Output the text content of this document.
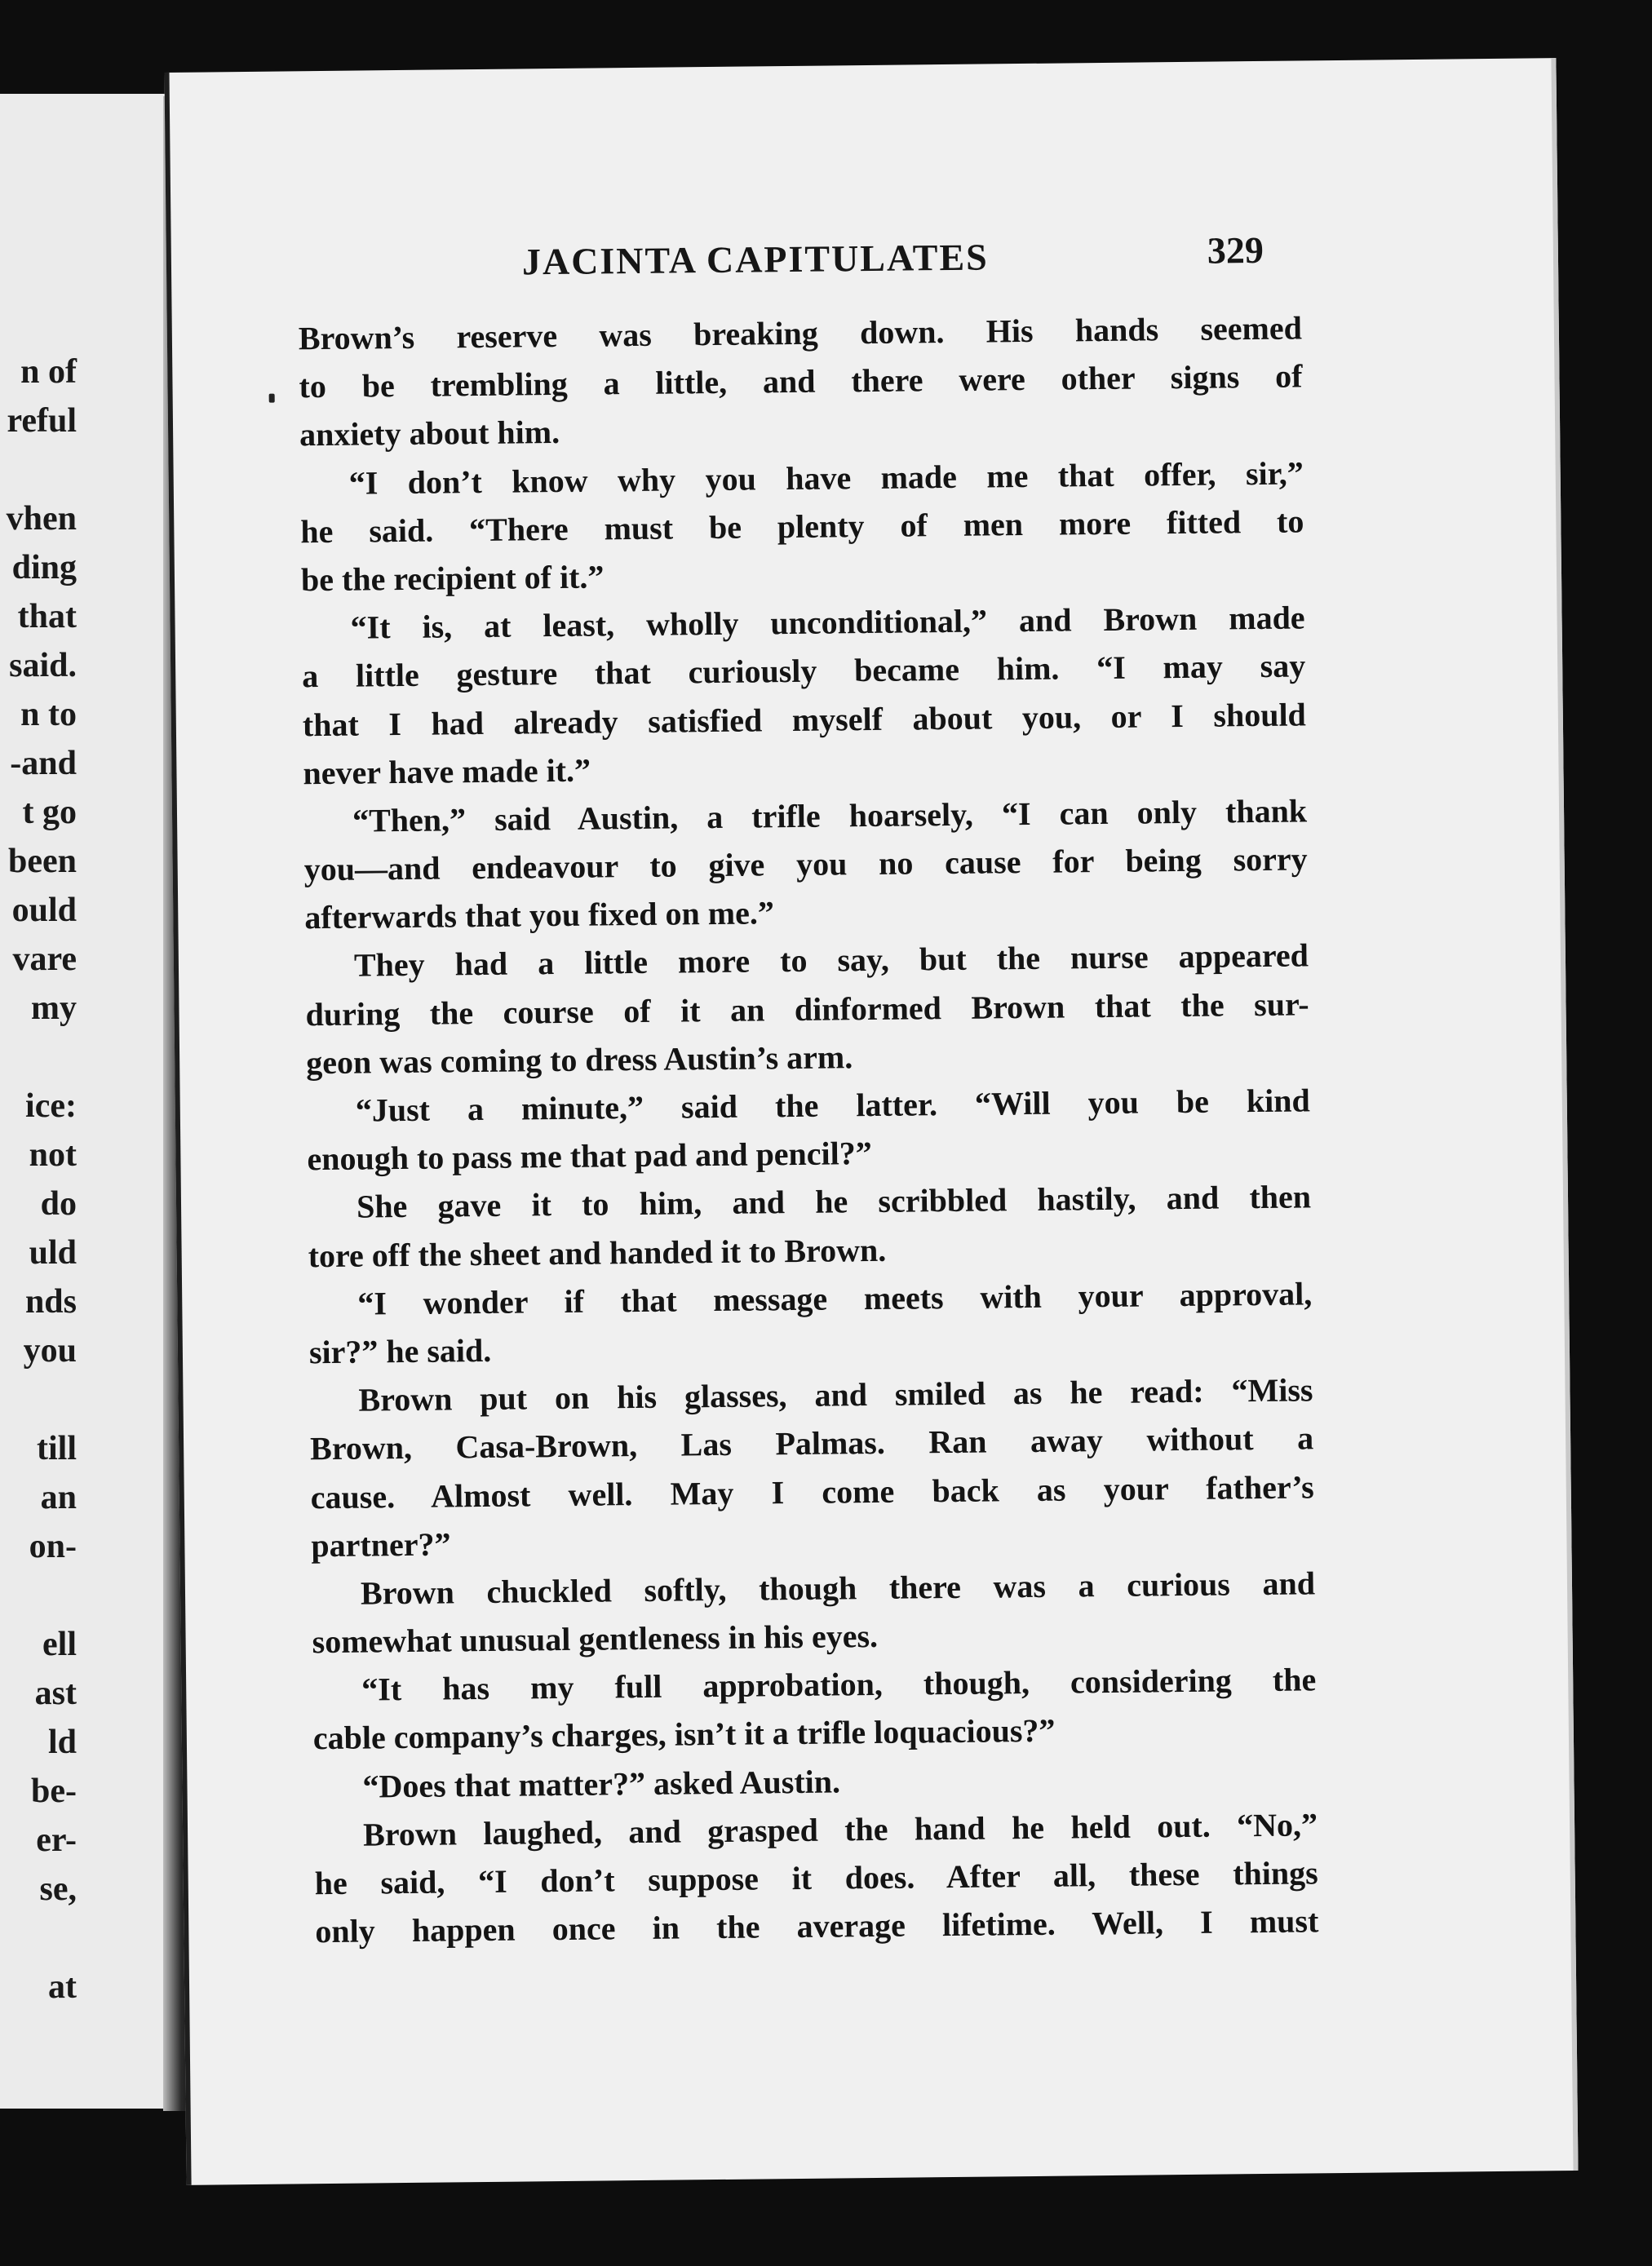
n of
reful
vhen
ding
that
said.
n to
-and
t go
been
ould
vare
my
ice:
not
do
uld
nds
you
till
an
on-
ell
ast
ld
be-
er-
se,
at
JACINTA CAPITULATES	329
Brown’s reserve was breaking down. His hands seemed
to be trembling a little, and there were other signs of
anxiety about him.
“I don’t know why you have made me that offer, sir,”
he said. “There must be plenty of men more fitted to
be the recipient of it.”
“It is, at least, wholly unconditional,” and Brown made
a little gesture that curiously became him. “I may say
that I had already satisfied myself about you, or I should
never have made it.”
“Then,” said Austin, a trifle hoarsely, “I can only thank
you—and endeavour to give you no cause for being sorry
afterwards that you fixed on me.”
They had a little more to say, but the nurse appeared
during the course of it an dinformed Brown that the sur-
geon was coming to dress Austin’s arm.
“Just a minute,” said the latter. “Will you be kind
enough to pass me that pad and pencil?”
She gave it to him, and he scribbled hastily, and then
tore off the sheet and handed it to Brown.
“I wonder if that message meets with your approval,
sir?” he said.
Brown put on his glasses, and smiled as he read: “Miss
Brown, Casa-Brown, Las Palmas. Ran away without a
cause. Almost well. May I come back as your father’s
partner?”
Brown chuckled softly, though there was a curious and
somewhat unusual gentleness in his eyes.
“It has my full approbation, though, considering the
cable company’s charges, isn’t it a trifle loquacious?”
“Does that matter?” asked Austin.
Brown laughed, and grasped the hand he held out. “No,”
he said, “I don’t suppose it does. After all, these things
only happen once in the average lifetime. Well, I must
